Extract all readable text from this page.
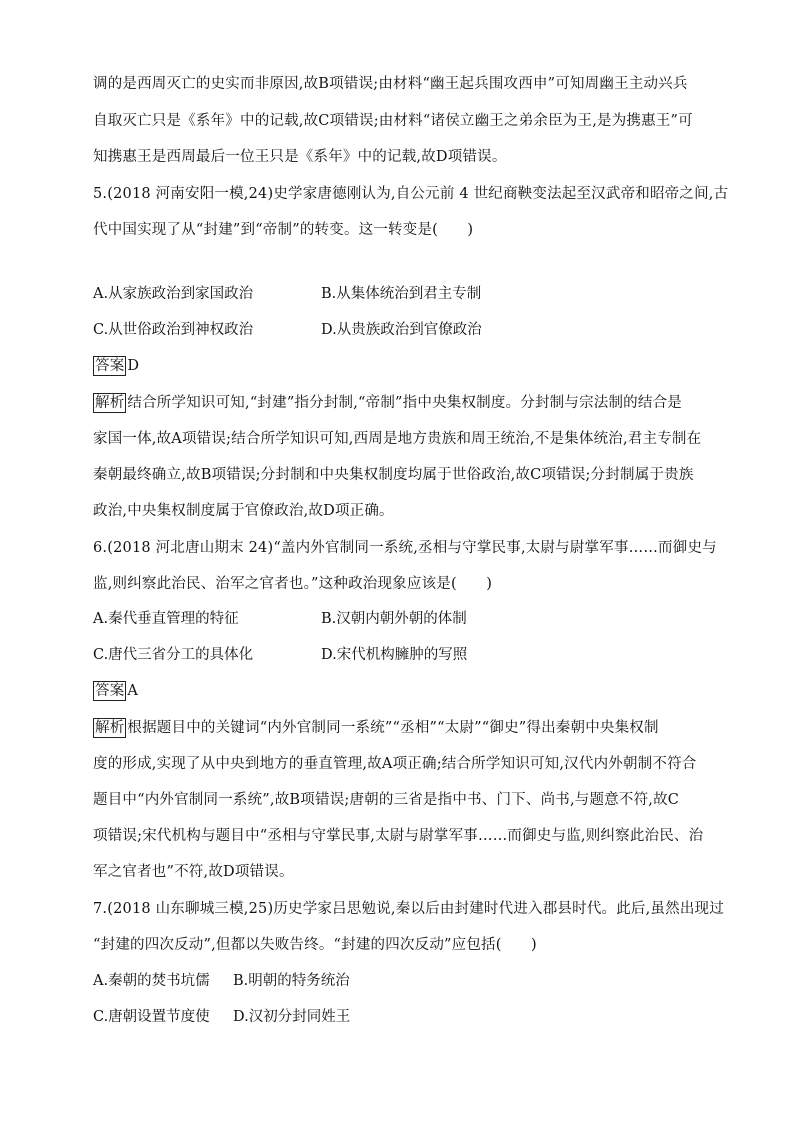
调的是西周灭亡的史实而非原因,故B项错误;由材料“幽王起兵围攻西申”可知周幽王主动兴兵
自取灭亡只是《系年》中的记载,故C项错误;由材料“诸侯立幽王之弟余臣为王,是为携惠王”可
知携惠王是西周最后一位王只是《系年》中的记载,故D项错误。
5.(2018 河南安阳一模,24)史学家唐德刚认为,自公元前 4 世纪商鞅变法起至汉武帝和昭帝之间,古
代中国实现了从“封建”到“帝制”的转变。这一转变是(　　)
A.从家族政治到家国政治	B.从集体统治到君主专制
C.从世俗政治到神权政治	D.从贵族政治到官僚政治
答案 D
解析 结合所学知识可知,“封建”指分封制,“帝制”指中央集权制度。分封制与宗法制的结合是
家国一体,故A项错误;结合所学知识可知,西周是地方贵族和周王统治,不是集体统治,君主专制在
秦朝最终确立,故B项错误;分封制和中央集权制度均属于世俗政治,故C项错误;分封制属于贵族
政治,中央集权制度属于官僚政治,故D项正确。
6.(2018 河北唐山期末 24)“盖内外官制同一系统,丞相与守掌民事,太尉与尉掌军事……而御史与
监,则纠察此治民、治军之官者也。”这种政治现象应该是(　　)
A.秦代垂直管理的特征	B.汉朝内朝外朝的体制
C.唐代三省分工的具体化	D.宋代机构臃肿的写照
答案 A
解析 根据题目中的关键词“内外官制同一系统”“丞相”“太尉”“御史”得出秦朝中央集权制
度的形成,实现了从中央到地方的垂直管理,故A项正确;结合所学知识可知,汉代内外朝制不符合
题目中“内外官制同一系统”,故B项错误;唐朝的三省是指中书、门下、尚书,与题意不符,故C
项错误;宋代机构与题目中“丞相与守掌民事,太尉与尉掌军事……而御史与监,则纠察此治民、治
军之官者也”不符,故D项错误。
7.(2018 山东聊城三模,25)历史学家吕思勉说,秦以后由封建时代进入郡县时代。此后,虽然出现过
“封建的四次反动”,但都以失败告终。“封建的四次反动”应包括(　　)
A.秦朝的焚书坑儒 B.明朝的特务统治
C.唐朝设置节度使 D.汉初分封同姓王
